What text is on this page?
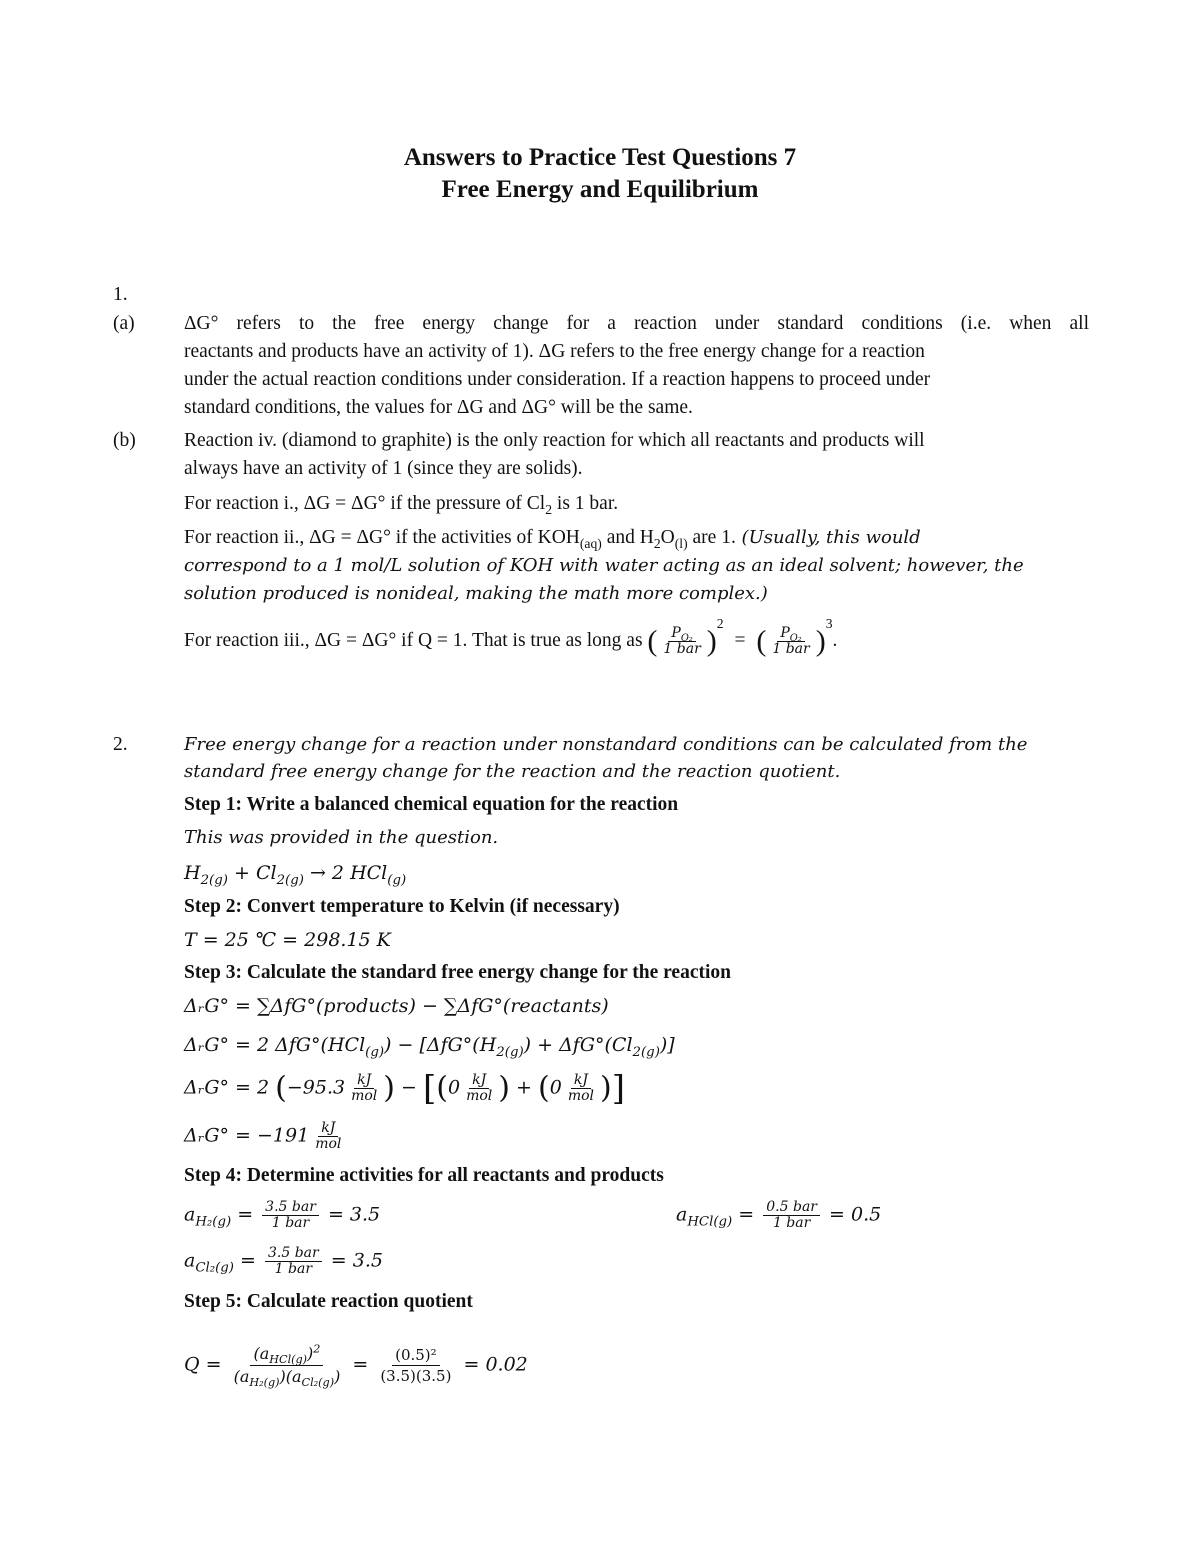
Answers to Practice Test Questions 7
Free Energy and Equilibrium
1.
(a)	ΔG° refers to the free energy change for a reaction under standard conditions (i.e. when all
reactants and products have an activity of 1). ΔG refers to the free energy change for a reaction
under the actual reaction conditions under consideration. If a reaction happens to proceed under
standard conditions, the values for ΔG and ΔG° will be the same.
(b) Reaction iv. (diamond to graphite) is the only reaction for which all reactants and products will
always have an activity of 1 (since they are solids).
For reaction i., ΔG = ΔG° if the pressure of $Cl_2$ is 1 bar.
For reaction ii., ΔG = ΔG° if the activities of $KOH_{(aq)}$ and $H_2O_{(l)}$ are 1. (Usually, this would
correspond to a 1 mol/L solution of KOH with water acting as an ideal solvent; however, the
solution produced is nonideal, making the math more complex.)
For reaction iii., ΔG = ΔG° if Q = 1. That is true as long as ( $\frac{P_{O_2}}{\text{1 bar}} )^2$ = ( $\frac{P_{O_2}}{\text{1 bar}} )^3$.
2.	Free energy change for a reaction under nonstandard conditions can be calculated from the
standard free energy change for the reaction and the reaction quotient.
Step 1: Write a balanced chemical equation for the reaction
This was provided in the question.
$H_{2(g)} + Cl_{2(g)} \to 2$ HCl$_{(g)}$
Step 2: Convert temperature to Kelvin (if necessary)
T = 25 ℃ = 298.15 K
Step 3: Calculate the standard free energy change for the reaction
ΔᵣG° = ∑Δ𝑓G°(products) − ∑Δ𝑓G°(reactants)
ΔᵣG° = 2 Δ𝑓G°(HCl$_{(g)}$) − [$\Delta 𝑓G^\circ(H_{2(g)})$ + $\Delta 𝑓G^\circ(Cl_{2(g)})$]
ΔᵣG° = 2 ($-95.3 \frac{kJ}{\text{mol}}$ ) − [($0 \frac{kJ}{\text{mol}}$ ) + ($0 \frac{kJ}{\text{mol}}$ )]
ΔᵣG° = $-191 \frac{kJ}{\text{mol}}$
Step 4: Determine activities for all reactants and products
$a_{H_2(g)} = \frac{\text{3.5 bar}}{\text{1 bar}} = 3.5$	$a_{HCl(g)} = \frac{\text{0.5 bar}}{\text{1 bar}} = 0.5$
$a_{Cl_2(g)} = \frac{\text{3.5 bar}}{\text{1 bar}} = 3.5$
Step 5: Calculate reaction quotient
$Q = \frac{(a_{HCl(g)})^2}{(a_{H_2(g)})(a_{Cl_2(g)})} = \frac{\text{(0.5)²}}{(3.5)(3.5)} = 0.02$
